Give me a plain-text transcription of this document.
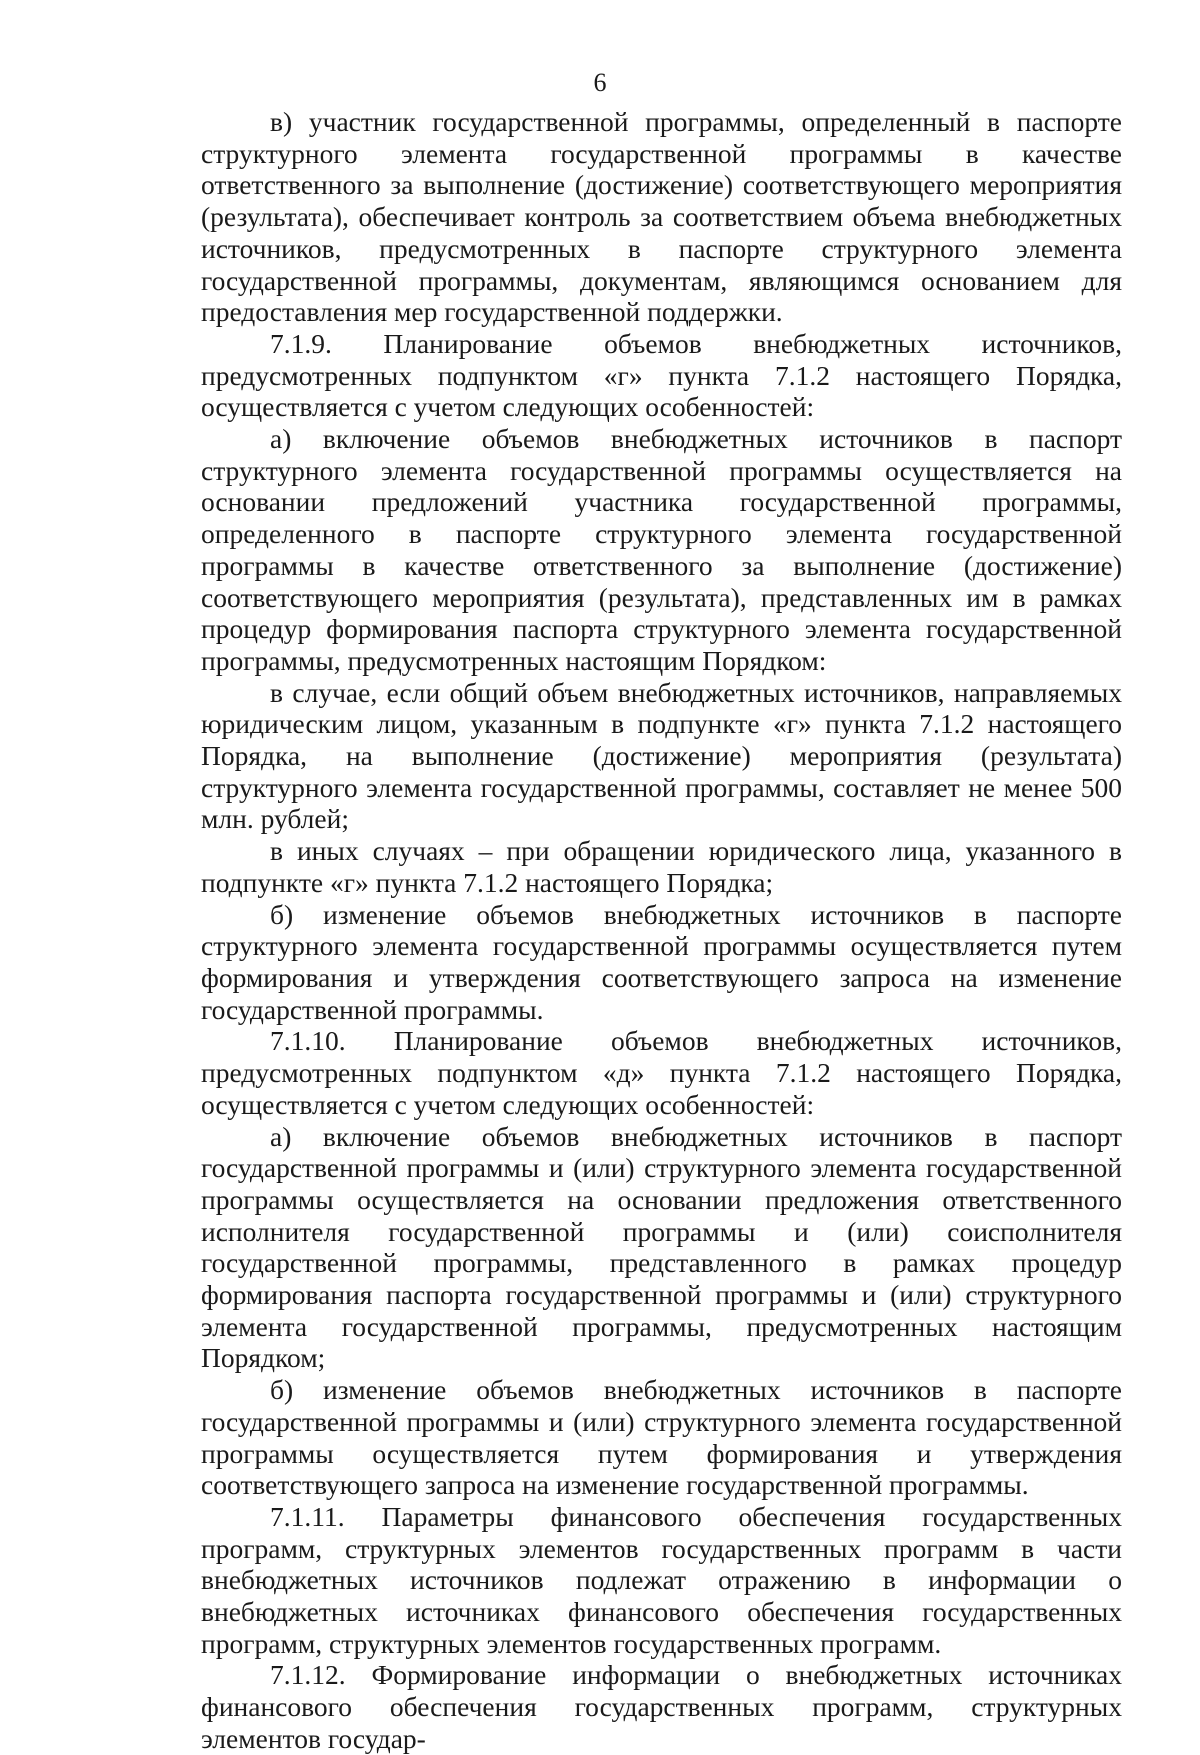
6

в) участник государственной программы, определенный в паспорте структурного элемента государственной программы в качестве ответственного за выполнение (достижение) соответствующего мероприятия (результата), обеспечивает контроль за соответствием объема внебюджетных источников, предусмотренных в паспорте структурного элемента государственной программы, документам, являющимся основанием для предоставления мер государственной поддержки.

7.1.9. Планирование объемов внебюджетных источников, предусмотренных подпунктом «г» пункта 7.1.2 настоящего Порядка, осуществляется с учетом следующих особенностей:

а) включение объемов внебюджетных источников в паспорт структурного элемента государственной программы осуществляется на основании предложений участника государственной программы, определенного в паспорте структурного элемента государственной программы в качестве ответственного за выполнение (достижение) соответствующего мероприятия (результата), представленных им в рамках процедур формирования паспорта структурного элемента государственной программы, предусмотренных настоящим Порядком:

в случае, если общий объем внебюджетных источников, направляемых юридическим лицом, указанным в подпункте «г» пункта 7.1.2 настоящего Порядка, на выполнение (достижение) мероприятия (результата) структурного элемента государственной программы, составляет не менее 500 млн. рублей;

в иных случаях – при обращении юридического лица, указанного в подпункте «г» пункта 7.1.2 настоящего Порядка;

б) изменение объемов внебюджетных источников в паспорте структурного элемента государственной программы осуществляется путем формирования и утверждения соответствующего запроса на изменение государственной программы.

7.1.10. Планирование объемов внебюджетных источников, предусмотренных подпунктом «д» пункта 7.1.2 настоящего Порядка, осуществляется с учетом следующих особенностей:

а) включение объемов внебюджетных источников в паспорт государственной программы и (или) структурного элемента государственной программы осуществляется на основании предложения ответственного исполнителя государственной программы и (или) соисполнителя государственной программы, представленного в рамках процедур формирования паспорта государственной программы и (или) структурного элемента государственной программы, предусмотренных настоящим Порядком;

б) изменение объемов внебюджетных источников в паспорте государственной программы и (или) структурного элемента государственной программы осуществляется путем формирования и утверждения соответствующего запроса на изменение государственной программы.

7.1.11. Параметры финансового обеспечения государственных программ, структурных элементов государственных программ в части внебюджетных источников подлежат отражению в информации о внебюджетных источниках финансового обеспечения государственных программ, структурных элементов государственных программ.

7.1.12. Формирование информации о внебюджетных источниках финансового обеспечения государственных программ, структурных элементов государ-
